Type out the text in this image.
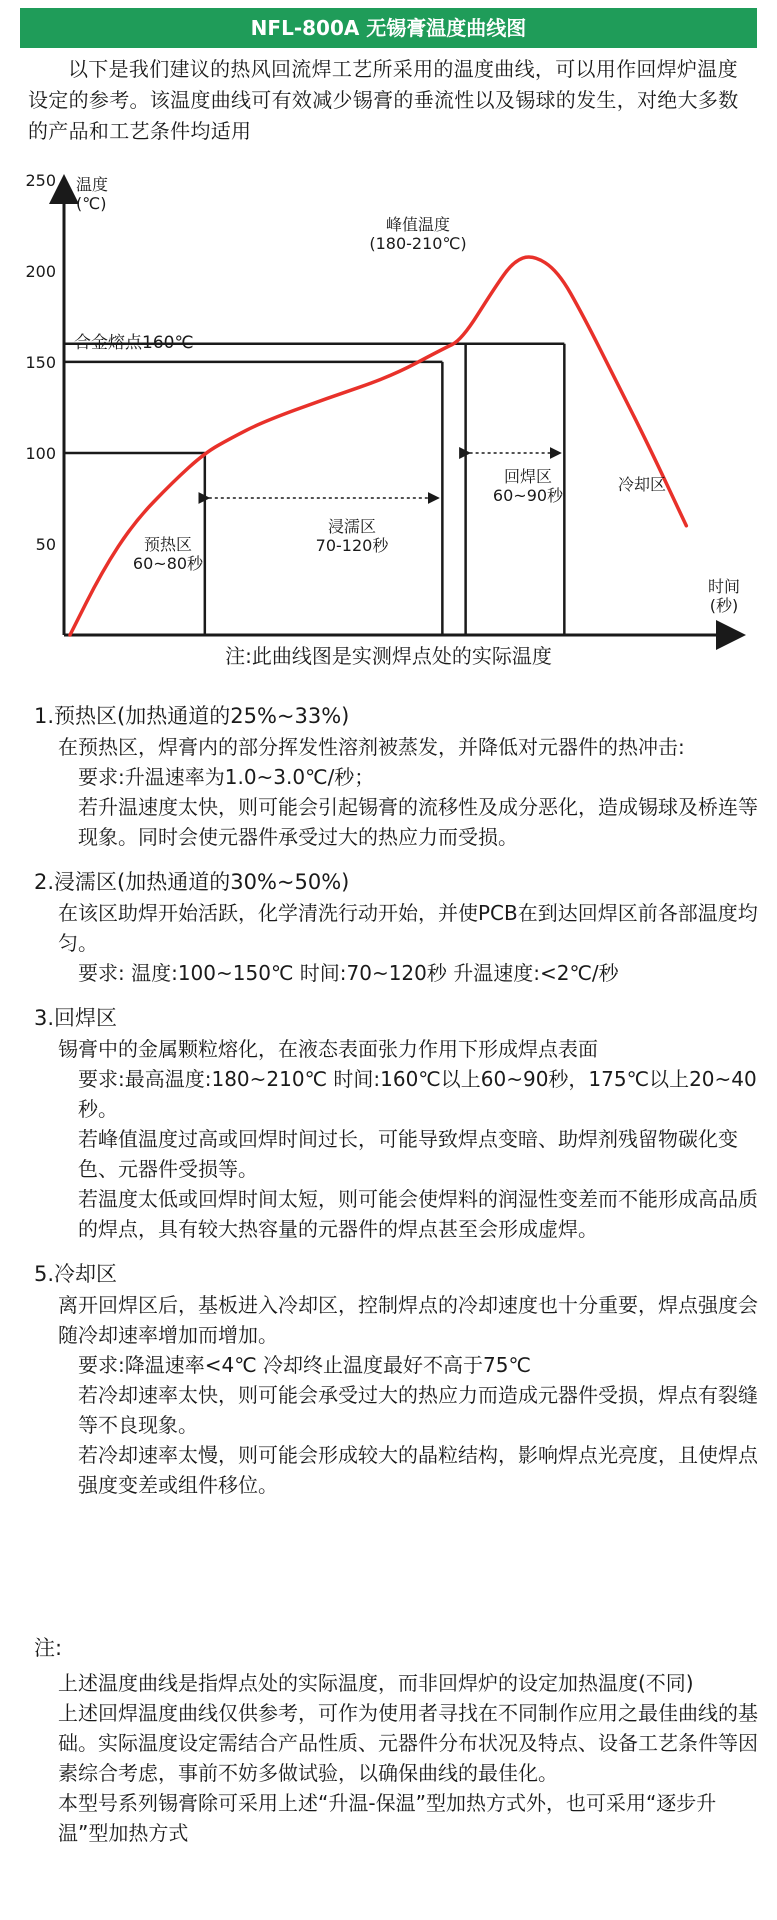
NFL-800A 无锡膏温度曲线图
以下是我们建议的热风回流焊工艺所采用的温度曲线，可以用作回焊炉温度设定的参考。该温度曲线可有效减少锡膏的垂流性以及锡球的发生，对绝大多数的产品和工艺条件均适用
温度
(℃)
时间
(秒)
250
200
150
100
50
峰值温度
(180-210℃)
合金熔点160℃
预热区
60~80秒
浸濡区
70-120秒
回焊区
60~90秒
冷却区
注:此曲线图是实测焊点处的实际温度
1.预热区(加热通道的25%~33%)
在预热区，焊膏内的部分挥发性溶剂被蒸发，并降低对元器件的热冲击:
要求:升温速率为1.0~3.0℃/秒；
若升温速度太快，则可能会引起锡膏的流移性及成分恶化，造成锡球及桥连等现象。同时会使元器件承受过大的热应力而受损。
2.浸濡区(加热通道的30%~50%)
在该区助焊开始活跃，化学清洗行动开始，并使PCB在到达回焊区前各部温度均匀。
要求: 温度:100~150℃ 时间:70~120秒 升温速度:<2℃/秒
3.回焊区
锡膏中的金属颗粒熔化，在液态表面张力作用下形成焊点表面
要求:最高温度:180~210℃ 时间:160℃以上60~90秒，175℃以上20~40秒。
若峰值温度过高或回焊时间过长，可能导致焊点变暗、助焊剂残留物碳化变色、元器件受损等。
若温度太低或回焊时间太短，则可能会使焊料的润湿性变差而不能形成高品质的焊点，具有较大热容量的元器件的焊点甚至会形成虚焊。
5.冷却区
离开回焊区后，基板进入冷却区，控制焊点的冷却速度也十分重要，焊点强度会随冷却速率增加而增加。
要求:降温速率<4℃ 冷却终止温度最好不高于75℃
若冷却速率太快，则可能会承受过大的热应力而造成元器件受损，焊点有裂缝等不良现象。
若冷却速率太慢，则可能会形成较大的晶粒结构，影响焊点光亮度，且使焊点强度变差或组件移位。
注:
上述温度曲线是指焊点处的实际温度，而非回焊炉的设定加热温度(不同)
上述回焊温度曲线仅供参考，可作为使用者寻找在不同制作应用之最佳曲线的基础。实际温度设定需结合产品性质、元器件分布状况及特点、设备工艺条件等因素综合考虑，事前不妨多做试验，以确保曲线的最佳化。
本型号系列锡膏除可采用上述“升温-保温”型加热方式外，也可采用“逐步升温”型加热方式
